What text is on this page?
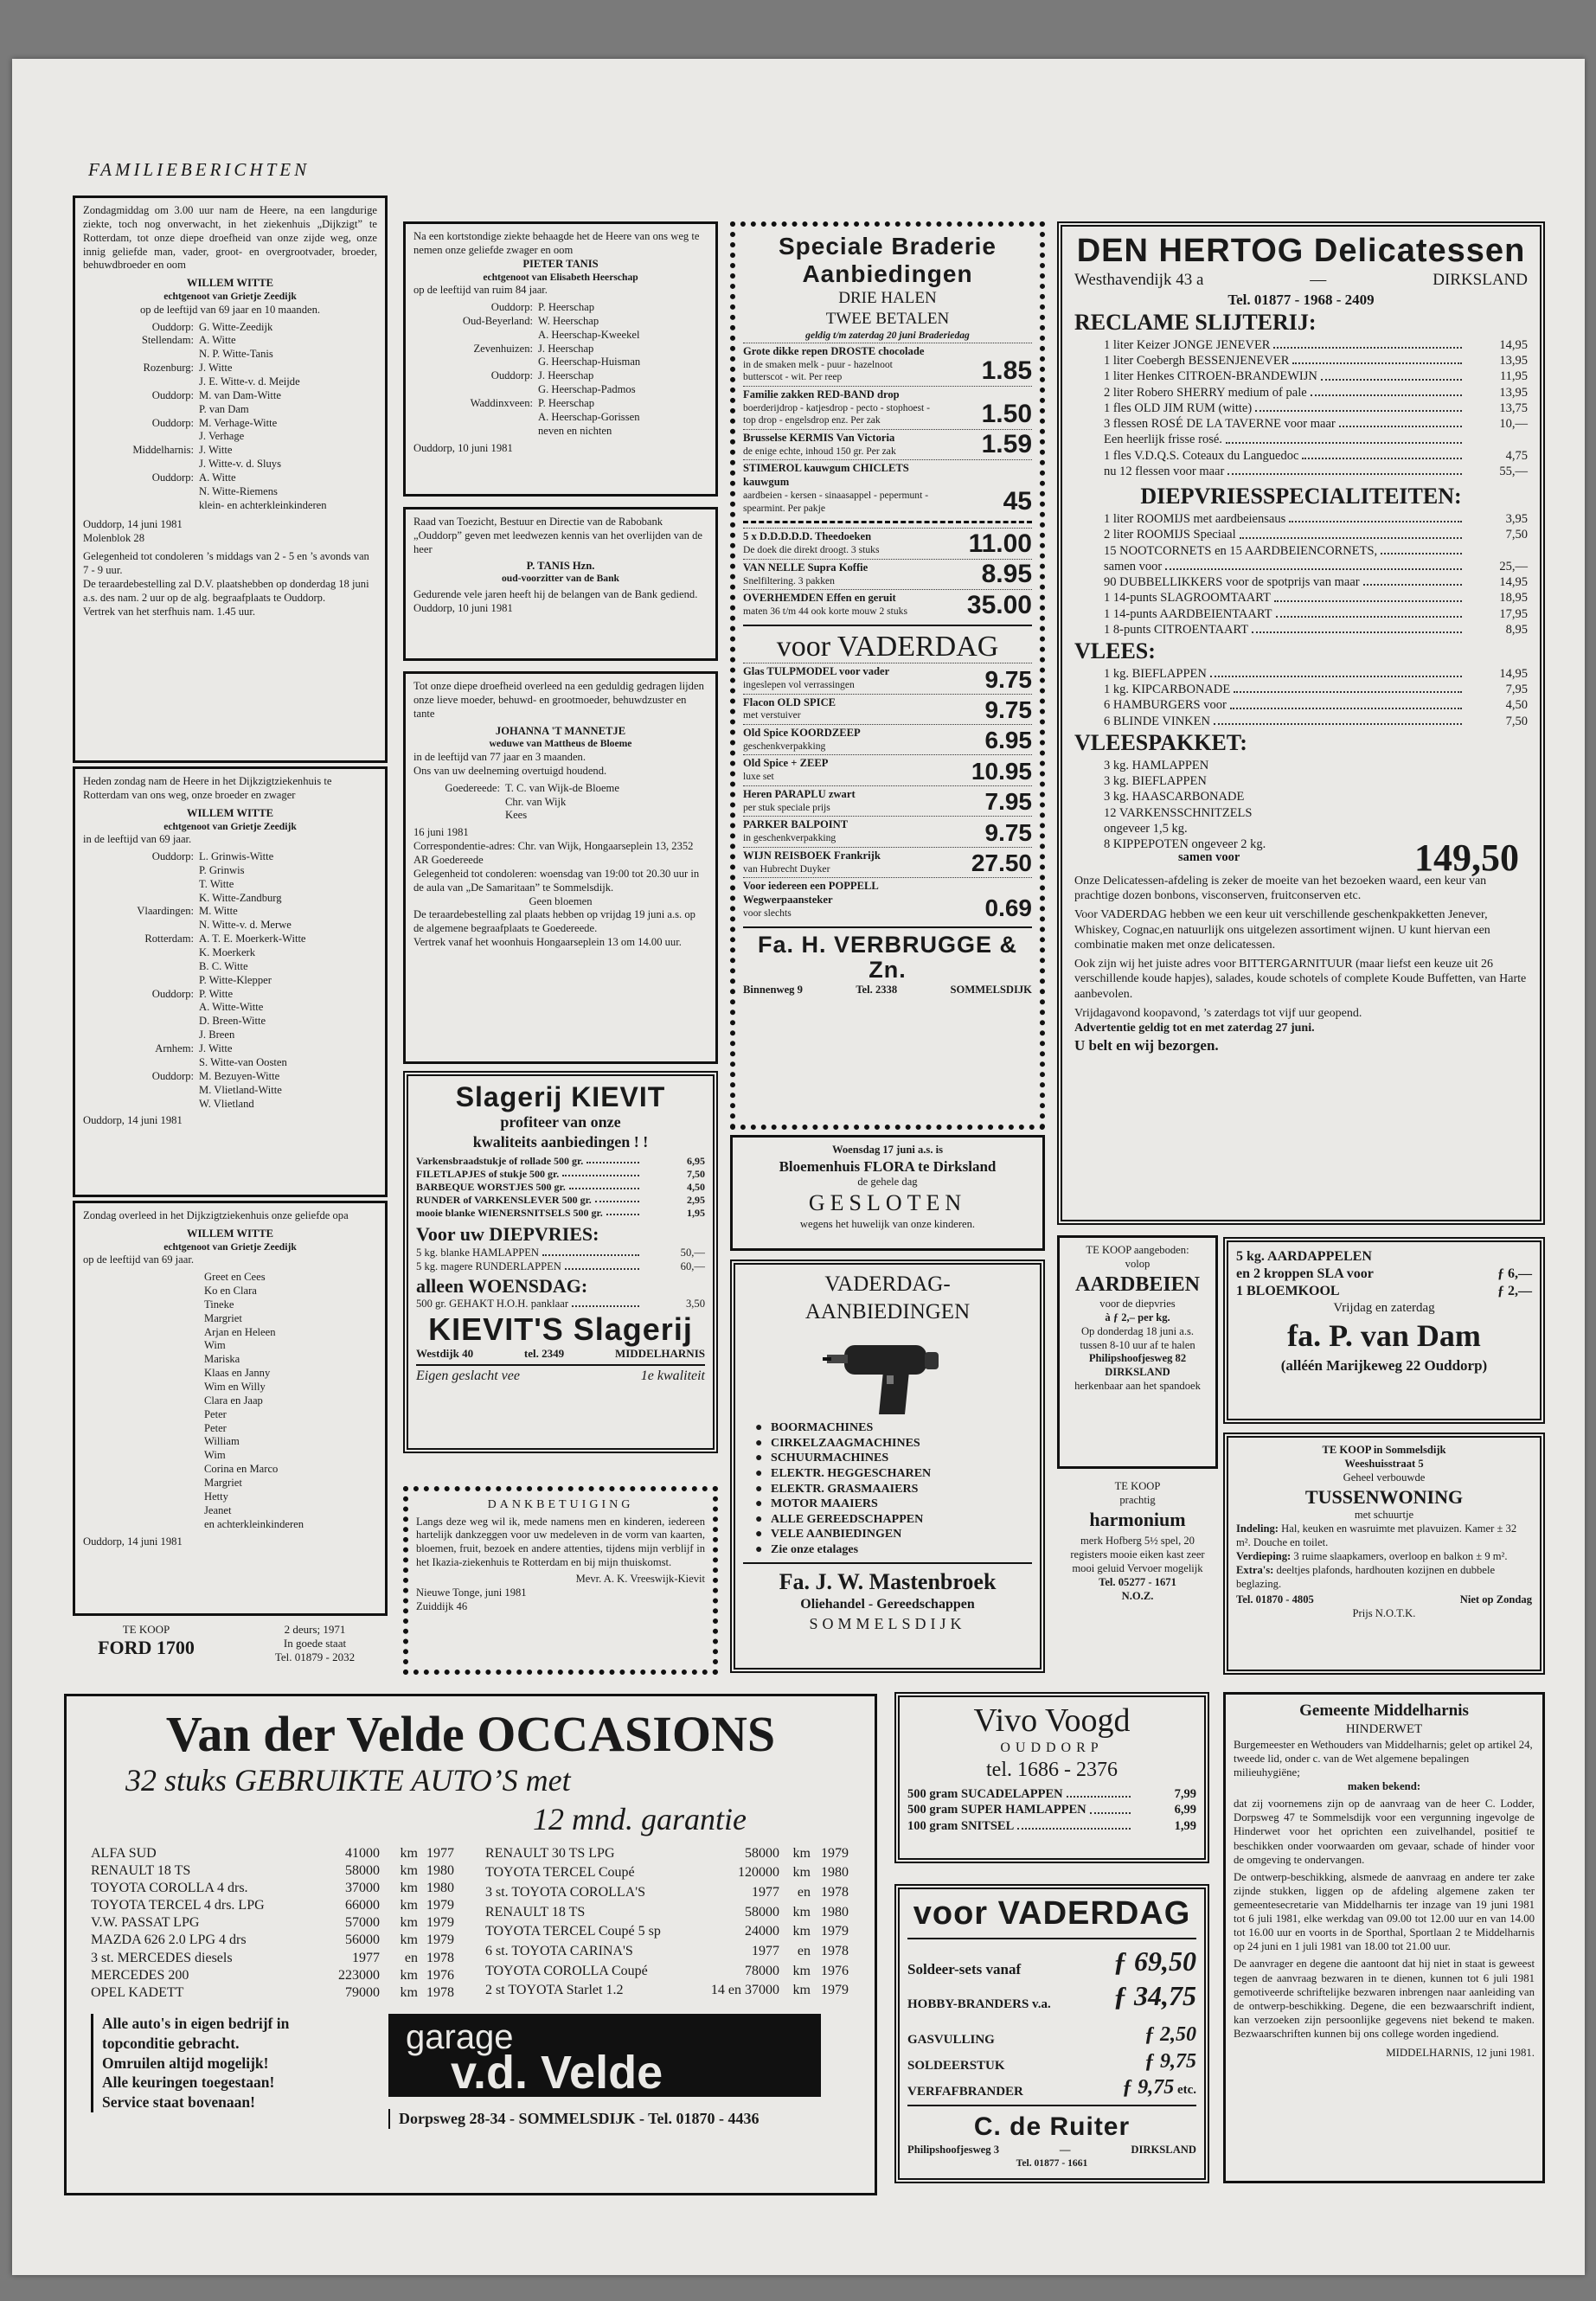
FAMILIEBERICHTEN

Zondagmiddag om 3.00 uur nam de Heere, na een langdurige ziekte, toch nog onverwacht, in het ziekenhuis „Dijkzigt” te Rotterdam, tot onze diepe droefheid van onze zijde weg, onze innig geliefde man, vader, groot- en overgrootvader, broeder, behuwdbroeder en oom

WILLEM WITTE

echtgenoot van Grietje Zeedijk

op de leeftijd van 69 jaar en 10 maanden.

Ouddorp: G. Witte-Zeedijk
Stellendam: A. Witte
N. P. Witte-Tanis
Rozenburg: J. Witte
J. E. Witte-v. d. Meijde
Ouddorp: M. van Dam-Witte
P. van Dam
Ouddorp: M. Verhage-Witte
J. Verhage
Middelharnis: J. Witte
J. Witte-v. d. Sluys
Ouddorp: A. Witte
N. Witte-Riemens
klein- en achterkleinkinderen

Ouddorp, 14 juni 1981

Molenblok 28

Gelegenheid tot condoleren ’s middags van 2 - 5 en ’s avonds van 7 - 9 uur.

De teraardebestelling zal D.V. plaatshebben op donderdag 18 juni a.s. des nam. 2 uur op de alg. begraafplaats te Ouddorp.

Vertrek van het sterfhuis nam. 1.45 uur.

Heden zondag nam de Heere in het Dijkzigtziekenhuis te Rotterdam van ons weg, onze broeder en zwager

WILLEM WITTE

echtgenoot van Grietje Zeedijk

in de leeftijd van 69 jaar.

Ouddorp: L. Grinwis-Witte
P. Grinwis
T. Witte
K. Witte-Zandburg
Vlaardingen: M. Witte
N. Witte-v. d. Merwe
Rotterdam: A. T. E. Moerkerk-Witte
K. Moerkerk
B. C. Witte
P. Witte-Klepper
Ouddorp: P. Witte
A. Witte-Witte
D. Breen-Witte
J. Breen
Arnhem: J. Witte
S. Witte-van Oosten
Ouddorp: M. Bezuyen-Witte
M. Vlietland-Witte
W. Vlietland

Ouddorp, 14 juni 1981

Zondag overleed in het Dijkzigtziekenhuis onze geliefde opa

WILLEM WITTE

echtgenoot van Grietje Zeedijk

op de leeftijd van 69 jaar.

Greet en Cees
Ko en Clara
Tineke
Margriet
Arjan en Heleen
Wim
Mariska
Klaas en Janny
Wim en Willy
Clara en Jaap
Peter
Peter
William
Wim
Corina en Marco
Margriet
Hetty
Jeanet
en achterkleinkinderen

Ouddorp, 14 juni 1981

TE KOOP
FORD 1700
2 deurs; 1971
In goede staat
Tel. 01879 - 2032

Na een kortstondige ziekte behaagde het de Heere van ons weg te nemen onze geliefde zwager en oom

PIETER TANIS

echtgenoot van Elisabeth Heerschap

op de leeftijd van ruim 84 jaar.

Ouddorp: P. Heerschap
Oud-Beyerland: W. Heerschap
A. Heerschap-Kweekel
Zevenhuizen: J. Heerschap
G. Heerschap-Huisman
Ouddorp: J. Heerschap
G. Heerschap-Padmos
Waddinxveen: P. Heerschap
A. Heerschap-Gorissen
neven en nichten

Ouddorp, 10 juni 1981

Raad van Toezicht, Bestuur en Directie van de Rabobank „Ouddorp” geven met leedwezen kennis van het overlijden van de heer

P. TANIS Hzn.

oud-voorzitter van de Bank

Gedurende vele jaren heeft hij de belangen van de Bank gediend.

Ouddorp, 10 juni 1981

Tot onze diepe droefheid overleed na een geduldig gedragen lijden onze lieve moeder, behuwd- en grootmoeder, behuwdzuster en tante

JOHANNA 'T MANNETJE

weduwe van Mattheus de Bloeme

in de leeftijd van 77 jaar en 3 maanden.

Ons van uw deelneming overtuigd houdend.

Goedereede: T. C. van Wijk-de Bloeme
Chr. van Wijk
Kees

16 juni 1981

Correspondentie-adres: Chr. van Wijk, Hongaarseplein 13, 2352 AR Goedereede

Gelegenheid tot condoleren: woensdag van 19:00 tot 20.30 uur in de aula van „De Samaritaan” te Sommelsdijk.

Geen bloemen

De teraardebestelling zal plaats hebben op vrijdag 19 juni a.s. op de algemene begraafplaats te Goedereede.

Vertrek vanaf het woonhuis Hongaarseplein 13 om 14.00 uur.

Slagerij KIEVIT

profiteer van onze

kwaliteits aanbiedingen ! !

Varkensbraadstukje of rollade 500 gr.	6,95
FILETLAPJES of stukje 500 gr.	7,50
BARBEQUE WORSTJES 500 gr.	4,50
RUNDER of VARKENSLEVER 500 gr.	2,95
mooie blanke WIENERSNITSELS 500 gr.	1,95

Voor uw DIEPVRIES:

5 kg. blanke HAMLAPPEN	50,—
5 kg. magere RUNDERLAPPEN	60,—

alleen WOENSDAG:

500 gr. GEHAKT H.O.H. panklaar	3,50

KIEVIT'S Slagerij

Westdijk 40	tel. 2349	MIDDELHARNIS
Eigen geslacht vee	1e kwaliteit

DANKBETUIGING

Langs deze weg wil ik, mede namens men en kinderen, iedereen hartelijk dankzeggen voor uw medeleven in de vorm van kaarten, bloemen, fruit, bezoek en andere attenties, tijdens mijn verblijf in het Ikazia-ziekenhuis te Rotterdam en bij mijn thuiskomst.

Mevr. A. K. Vreeswijk-Kievit

Nieuwe Tonge, juni 1981

Zuiddijk 46

Speciale Braderie

Aanbiedingen

DRIE HALEN

TWEE BETALEN

geldig t/m zaterdag 20 juni Braderiedag

Grote dikke repen DROSTE chocolade
in de smaken melk - puur - hazelnoot butterscot - wit. Per reep	1.85
Familie zakken RED-BAND drop
boerderijdrop - katjesdrop - pecto - stophoest - top drop - engelsdrop enz. Per zak	1.50
Brusselse KERMIS Van Victoria
de enige echte, inhoud 150 gr. Per zak	1.59
STIMEROL kauwgum CHICLETS kauwgum
aardbeien - kersen - sinaasappel - pepermunt - spearmint. Per pakje	45
5 x D.D.D.D.D. Theedoeken
De doek die direkt droogt. 3 stuks	11.00
VAN NELLE Supra Koffie
Snelfiltering. 3 pakken	8.95
OVERHEMDEN Effen en geruit
maten 36 t/m 44 ook korte mouw 2 stuks	35.00

voor VADERDAG

Glas TULPMODEL voor vader
ingeslepen vol verrassingen	9.75
Flacon OLD SPICE
met verstuiver	9.75
Old Spice KOORDZEEP
geschenkverpakking	6.95
Old Spice + ZEEP
luxe set	10.95
Heren PARAPLU zwart
per stuk speciale prijs	7.95
PARKER BALPOINT
in geschenkverpakking	9.75
WIJN REISBOEK Frankrijk
van Hubrecht Duyker	27.50
Voor iedereen een POPPELL Wegwerpaansteker
voor slechts	0.69

Fa. H. VERBRUGGE & Zn.

Binnenweg 9	Tel. 2338	SOMMELSDIJK

Woensdag 17 juni a.s. is

Bloemenhuis FLORA te Dirksland

de gehele dag

GESLOTEN

wegens het huwelijk van onze kinderen.

VADERDAG-

AANBIEDINGEN

● BOORMACHINES
● CIRKELZAAGMACHINES
● SCHUURMACHINES
● ELEKTR. HEGGESCHAREN
● ELEKTR. GRASMAAIERS
● MOTOR MAAIERS
● ALLE GEREEDSCHAPPEN
● VELE AANBIEDINGEN
● Zie onze etalages

Fa. J. W. Mastenbroek

Oliehandel - Gereedschappen

SOMMELSDIJK

DEN HERTOG Delicatessen

Westhavendijk 43 a	—	DIRKSLAND

Tel. 01877 - 1968 - 2409

RECLAME SLIJTERIJ:

1 liter Keizer JONGE JENEVER	14,95
1 liter Coebergh BESSENJENEVER	13,95
1 liter Henkes CITROEN-BRANDEWIJN	11,95
2 liter Robero SHERRY medium of pale	13,95
1 fles OLD JIM RUM (witte)	13,75
3 flessen ROSÉ DE LA TAVERNE voor maar	10,—
Een heerlijk frisse rosé.
1 fles V.D.Q.S. Coteaux du Languedoc	4,75
nu 12 flessen voor maar	55,—

DIEPVRIESSPECIALITEITEN:

1 liter ROOMIJS met aardbeiensaus	3,95
2 liter ROOMIJS Speciaal	7,50
15 NOOTCORNETS en 15 AARDBEIENCORNETS,
samen voor	25,—
90 DUBBELLIKKERS voor de spotprijs van maar	14,95
1 14-punts SLAGROOMTAART	18,95
1 14-punts AARDBEIENTAART	17,95
1 8-punts CITROENTAART	8,95

VLEES:

1 kg. BIEFLAPPEN	14,95
1 kg. KIPCARBONADE	7,95
6 HAMBURGERS voor	4,50
6 BLINDE VINKEN	7,50

VLEESPAKKET:

3 kg. HAMLAPPEN
3 kg. BIEFLAPPEN
3 kg. HAASCARBONADE
12 VARKENSSCHNITZELS
ongeveer 1,5 kg.
8 KIPPEPOTEN ongeveer 2 kg.
samen voor	149,50

Onze Delicatessen-afdeling is zeker de moeite van het bezoeken waard, een keur van prachtige dozen bonbons, visconserven, fruitconserven etc.

Voor VADERDAG hebben we een keur uit verschillende geschenkpakketten Jenever, Whiskey, Cognac,en natuurlijk ons uitgelezen assortiment wijnen. U kunt hiervan een combinatie maken met onze delicatessen.

Ook zijn wij het juiste adres voor BITTERGARNITUUR (maar liefst een keuze uit 26 verschillende koude hapjes), salades, koude schotels of complete Koude Buffetten, van Harte aanbevolen.

Vrijdagavond koopavond, ’s zaterdags tot vijf uur geopend.

Advertentie geldig tot en met zaterdag 27 juni.

U belt en wij bezorgen.

TE KOOP aangeboden:

volop

AARDBEIEN

voor de diepvries

à ƒ 2,– per kg.

Op donderdag 18 juni a.s. tussen 8-10 uur af te halen

Philipshoofjesweg 82 DIRKSLAND

herkenbaar aan het spandoek

5 kg. AARDAPPELEN

en 2 kroppen SLA voor	ƒ 6,—
1 BLOEMKOOL	ƒ 2,—

Vrijdag en zaterdag

fa. P. van Dam

(alléén Marijkeweg 22 Ouddorp)

TE KOOP

prachtig

harmonium

merk Hofberg 5½ spel, 20 registers mooie eiken kast zeer mooi geluid Vervoer mogelijk

Tel. 05277 - 1671

N.O.Z.

TE KOOP in Sommelsdijk

Weeshuisstraat 5

Geheel verbouwde

TUSSENWONING

met schuurtje

Indeling: Hal, keuken en wasruimte met plavuizen. Kamer ± 32 m². Douche en toilet.

Verdieping: 3 ruime slaapkamers, overloop en balkon ± 9 m².

Extra's: deeltjes plafonds, hardhouten kozijnen en dubbele beglazing.

Tel. 01870 - 4805	Niet op Zondag

Prijs N.O.T.K.

Van der Velde OCCASIONS

32 stuks GEBRUIKTE AUTO’S met

12 mnd. garantie

ALFA SUD	41000	km 1977
RENAULT 18 TS	58000	km 1980
TOYOTA COROLLA 4 drs.	37000	km 1980
TOYOTA TERCEL 4 drs. LPG	66000	km 1979
V.W. PASSAT LPG	57000	km 1979
MAZDA 626 2.0 LPG 4 drs	56000	km 1979
3 st. MERCEDES diesels	1977	en 1978
MERCEDES 200	223000	km 1976
OPEL KADETT	79000	km 1978
RENAULT 30 TS LPG	58000 km 1979
TOYOTA TERCEL Coupé	120000 km 1980
3 st. TOYOTA COROLLA'S	1977	en 1978
RENAULT 18 TS	58000 km 1980
TOYOTA TERCEL Coupé 5 sp	24000 km 1979
6 st. TOYOTA CARINA'S	1977	en 1978
TOYOTA COROLLA Coupé	78000 km 1976
2 st TOYOTA Starlet 1.2	14 en 37000 km 1979

Alle auto's in eigen bedrijf in topconditie gebracht.

Omruilen altijd mogelijk!

Alle keuringen toegestaan!

Service staat bovenaan!

garage
v.d. Velde

Dorpsweg 28-34 - SOMMELSDIJK - Tel. 01870 - 4436

Vivo Voogd

OUDDORP

tel. 1686 - 2376

500 gram SUCADELAPPEN	7,99
500 gram SUPER HAMLAPPEN	6,99
100 gram SNITSEL	1,99

voor VADERDAG

Soldeer-sets vanaf	ƒ 69,50
HOBBY-BRANDERS v.a. ƒ 34,75
GASVULLING	ƒ 2,50
SOLDEERSTUK	ƒ 9,75
VERFAFBRANDER	ƒ 9,75 etc.

C. de Ruiter

Philipshoofjesweg 3	—	DIRKSLAND

Tel. 01877 - 1661

Gemeente Middelharnis

HINDERWET

Burgemeester en Wethouders van Middelharnis; gelet op artikel 24, tweede lid, onder c. van de Wet algemene bepalingen milieuhygiëne;

maken bekend:

dat zij voornemens zijn op de aanvraag van de heer C. Lodder, Dorpsweg 47 te Sommelsdijk voor een vergunning ingevolge de Hinderwet voor het oprichten een zuivelhandel, positief te beschikken onder voorwaarden om gevaar, schade of hinder voor de omgeving te ondervangen.

De ontwerp-beschikking, alsmede de aanvraag en andere ter zake zijnde stukken, liggen op de afdeling algemene zaken ter gemeentesecretarie van Middelharnis ter inzage van 19 juni 1981 tot 6 juli 1981, elke werkdag van 09.00 tot 12.00 uur en van 14.00 tot 16.00 uur en voorts in de Sporthal, Sportlaan 2 te Middelharnis op 24 juni en 1 juli 1981 van 18.00 tot 21.00 uur.

De aanvrager en degene die aantoont dat hij niet in staat is geweest tegen de aanvraag bezwaren in te dienen, kunnen tot 6 juli 1981 gemotiveerde schriftelijke bezwaren inbrengen naar aanleiding van de ontwerp-beschikking. Degene, die een bezwaarschrift indient, kan verzoeken zijn persoonlijke gegevens niet bekend te maken. Bezwaarschriften kunnen bij ons college worden ingediend.

MIDDELHARNIS, 12 juni 1981.
